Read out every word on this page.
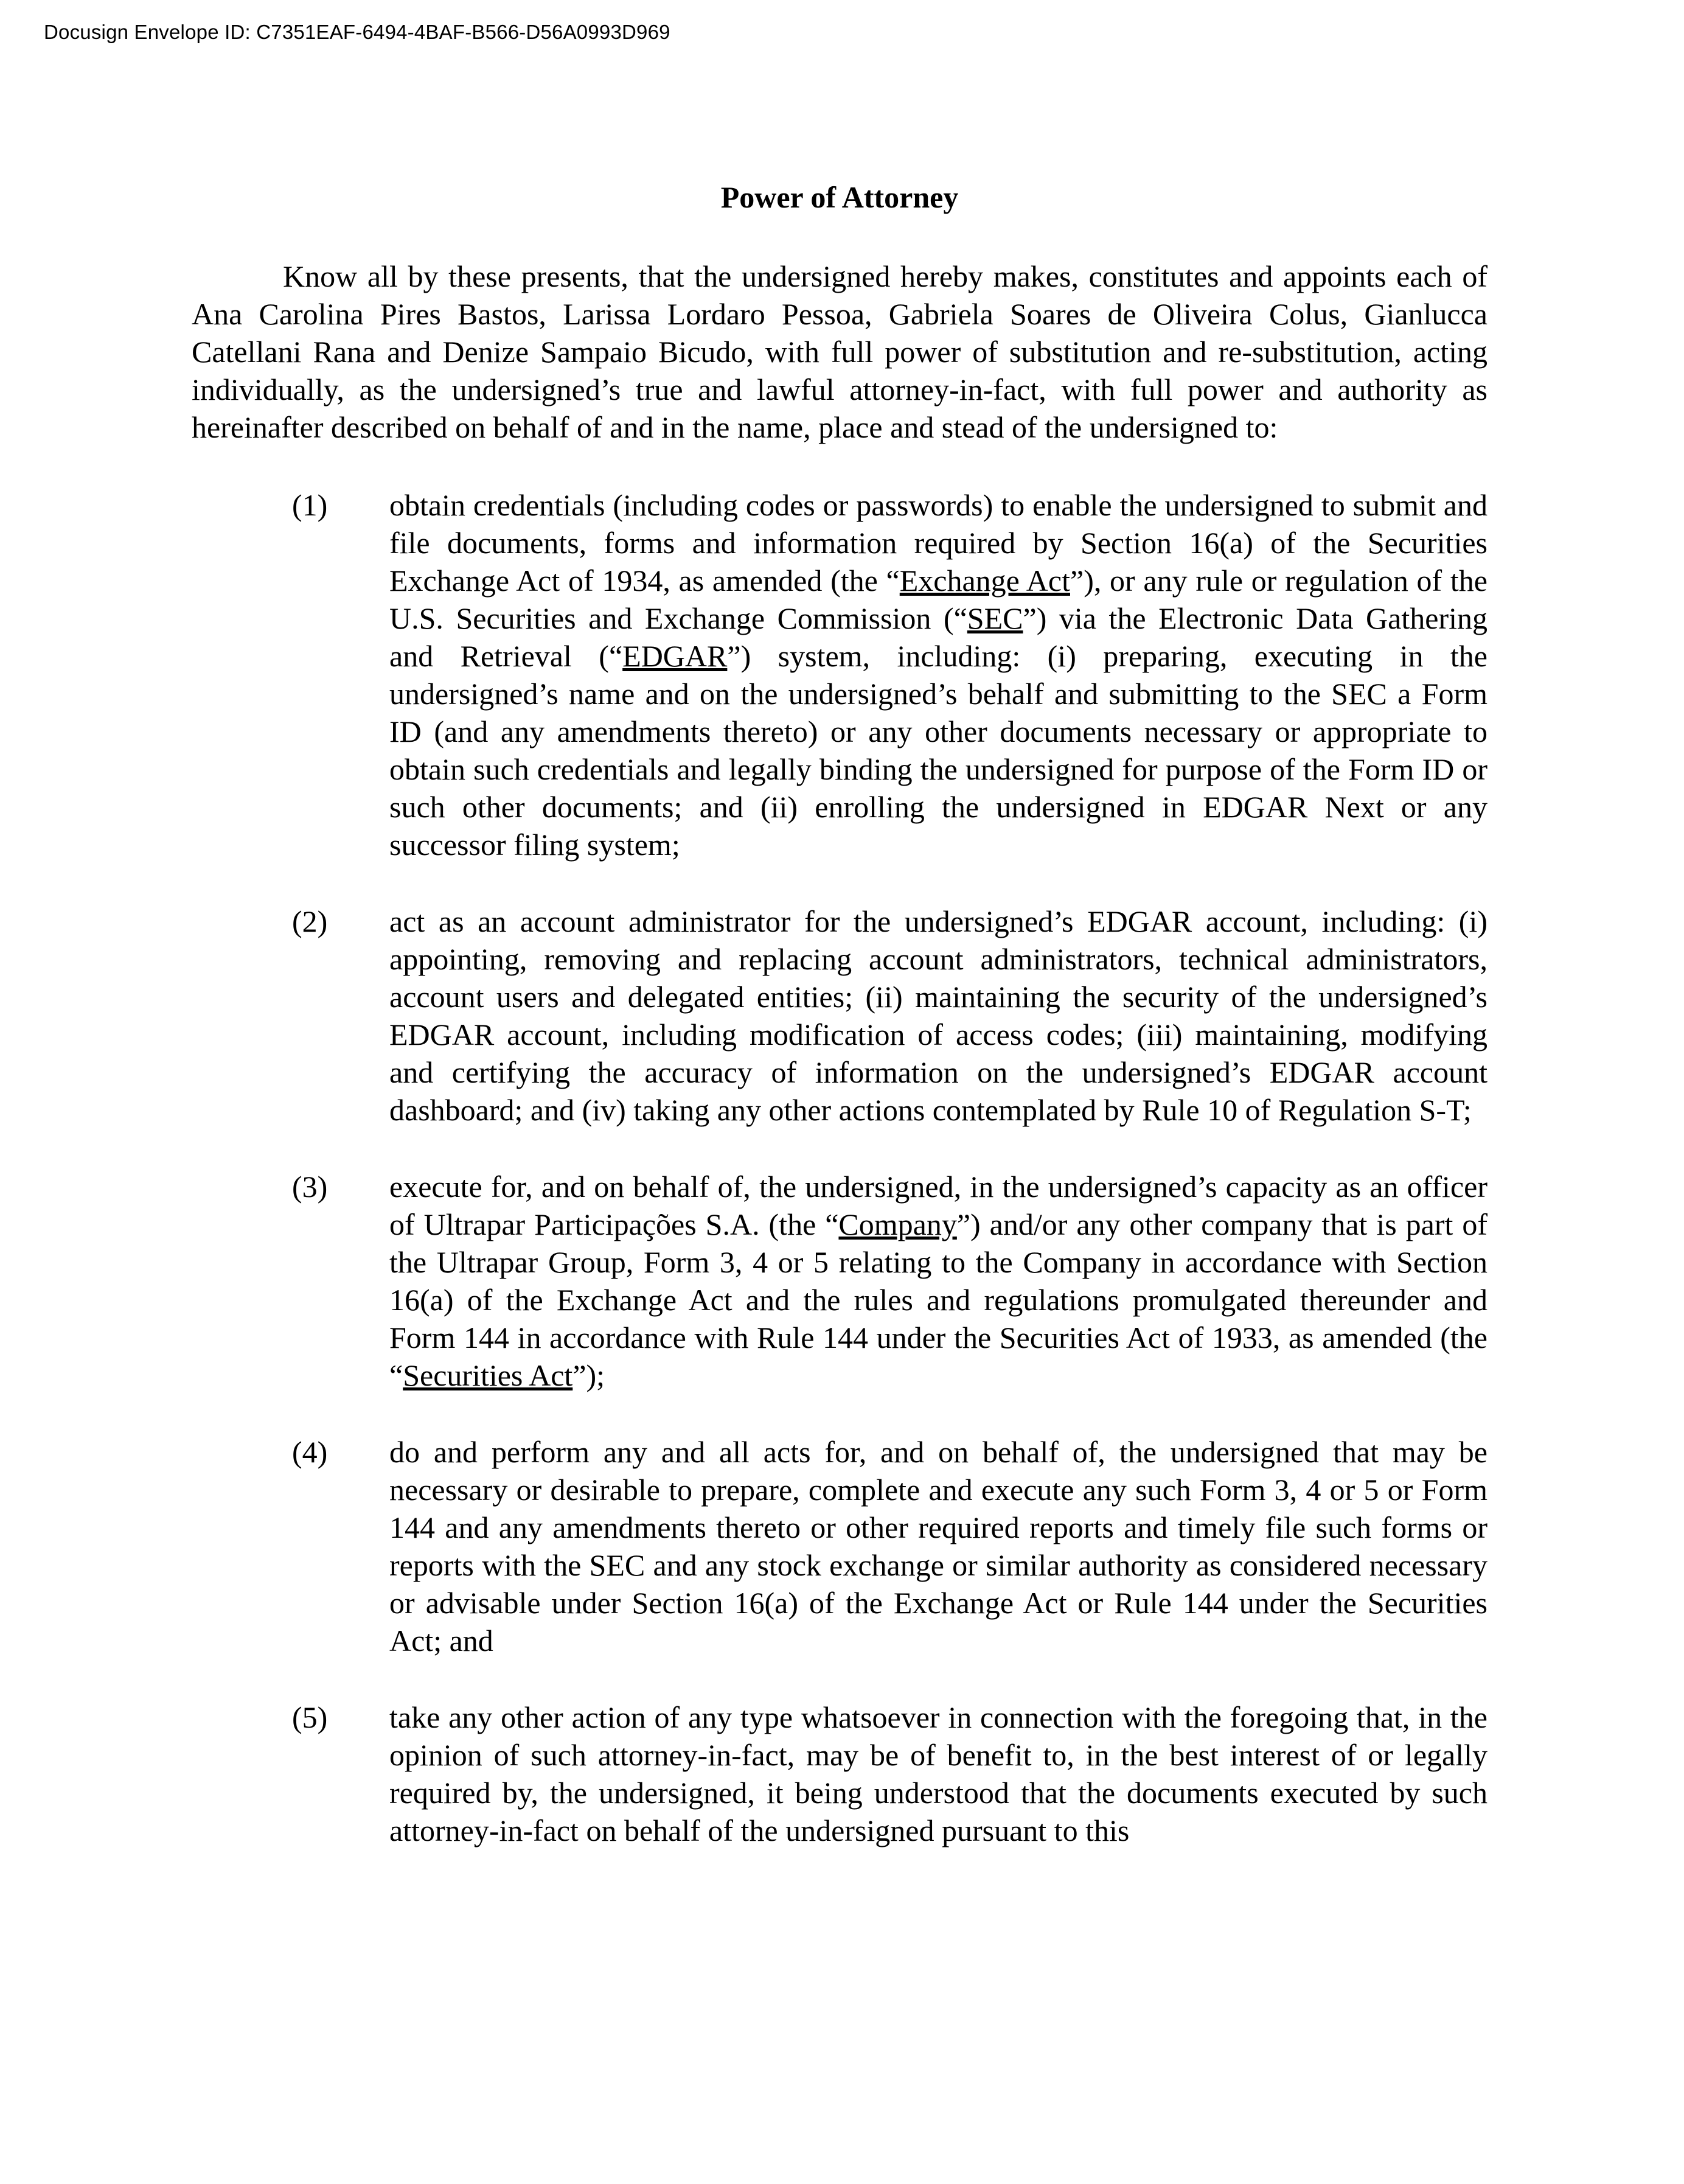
Docusign Envelope ID: C7351EAF-6494-4BAF-B566-D56A0993D969
Power of Attorney

Know all by these presents, that the undersigned hereby makes, constitutes and appoints each of Ana Carolina Pires Bastos, Larissa Lordaro Pessoa, Gabriela Soares de Oliveira Colus, Gianlucca Catellani Rana and Denize Sampaio Bicudo, with full power of substitution and re-substitution, acting individually, as the undersigned’s true and lawful attorney-in-fact, with full power and authority as hereinafter described on behalf of and in the name, place and stead of the undersigned to:

(1)	obtain credentials (including codes or passwords) to enable the undersigned to submit and file documents, forms and information required by Section 16(a) of the Securities Exchange Act of 1934, as amended (the “Exchange Act”), or any rule or regulation of the U.S. Securities and Exchange Commission (“SEC”) via the Electronic Data Gathering and Retrieval (“EDGAR”) system, including: (i) preparing, executing in the undersigned’s name and on the undersigned’s behalf and submitting to the SEC a Form ID (and any amendments thereto) or any other documents necessary or appropriate to obtain such credentials and legally binding the undersigned for purpose of the Form ID or such other documents; and (ii) enrolling the undersigned in EDGAR Next or any successor filing system;
(2)	act as an account administrator for the undersigned’s EDGAR account, including: (i) appointing, removing and replacing account administrators, technical administrators, account users and delegated entities; (ii) maintaining the security of the undersigned’s EDGAR account, including modification of access codes; (iii) maintaining, modifying and certifying the accuracy of information on the undersigned’s EDGAR account dashboard; and (iv) taking any other actions contemplated by Rule 10 of Regulation S-T;
(3)	execute for, and on behalf of, the undersigned, in the undersigned’s capacity as an officer of Ultrapar Participações S.A. (the “Company”) and/or any other company that is part of the Ultrapar Group, Form 3, 4 or 5 relating to the Company in accordance with Section 16(a) of the Exchange Act and the rules and regulations promulgated thereunder and Form 144 in accordance with Rule 144 under the Securities Act of 1933, as amended (the “Securities Act”);
(4)	do and perform any and all acts for, and on behalf of, the undersigned that may be necessary or desirable to prepare, complete and execute any such Form 3, 4 or 5 or Form 144 and any amendments thereto or other required reports and timely file such forms or reports with the SEC and any stock exchange or similar authority as considered necessary or advisable under Section 16(a) of the Exchange Act or Rule 144 under the Securities Act; and
(5)	take any other action of any type whatsoever in connection with the foregoing that, in the opinion of such attorney-in-fact, may be of benefit to, in the best interest of or legally required by, the undersigned, it being understood that the documents executed by such attorney-in-fact on behalf of the undersigned pursuant to this
